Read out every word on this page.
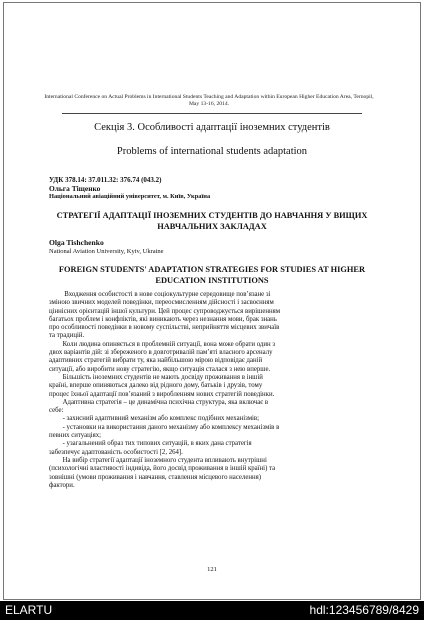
International Conference on Actual Problems in International Students Teaching and Adaptation within European Higher Education Area, Ternopil, May 13-16, 2014.
Секція 3. Особливості адаптації іноземних студентів
Problems of international students adaptation
УДК 378.14: 37.011.32: 376.74 (043.2)
Ольга Тіщенко
Національний авіаційний університет, м. Київ, Україна
СТРАТЕГІЇ АДАПТАЦІЇ ІНОЗЕМНИХ СТУДЕНТІВ ДО НАВЧАННЯ У ВИЩИХ НАВЧАЛЬНИХ ЗАКЛАДАХ
Olga Tishchenko
National Aviation University, Kyiv, Ukraine
FOREIGN STUDENTS' ADAPTATION STRATEGIES FOR STUDIES AT HIGHER EDUCATION INSTITUTIONS
Входження особистості в нове соціокультурне середовище пов’язане зі
зміною звичних моделей поведінки, переосмисленням дійсності і засвоєнням
ціннісних орієнтацій іншої культури. Цей процес супроводжується вирішенням
багатьох проблем і конфліктів, які виникають через незнання мови, брак знань
про особливості поведінки в новому суспільстві, неприйняття місцевих звичаїв
та традицій.
Коли людина опиняється в проблемній ситуації, вона може обрати один з
двох варіантів дій: зі збереженого в довготривалій пам’яті власного арсеналу
адаптивних стратегій вибрати ту, яка найбільшою мірою відповідає даній
ситуації, або виробити нову стратегію, якщо ситуація сталася з нею вперше.
Більшість іноземних студентів не мають досвіду проживання в іншій
країні, вперше опиняються далеко від рідного дому, батьків і друзів, тому
процес їхньої адаптації пов’язаний з виробленням нових стратегій поведінки.
Адаптивна стратегія – це динамічна психічна структура, яка включає в
себе:
- захисний адаптивний механізм або комплекс подібних механізмів;
- установки на використання даного механізму або комплексу механізмів в
певних ситуаціях;
- узагальнений образ тих типових ситуацій, в яких дана стратегія
забезпечує адаптованість особистості [2, 264].
На вибір стратегії адаптації іноземного студента впливають внутрішні
(психологічні властивості індивіда, його досвід проживання в іншій країні) та
зовнішні (умови проживання і навчання, ставлення місцевого населення)
фактори.
121
ELARTU	hdl:123456789/8429
